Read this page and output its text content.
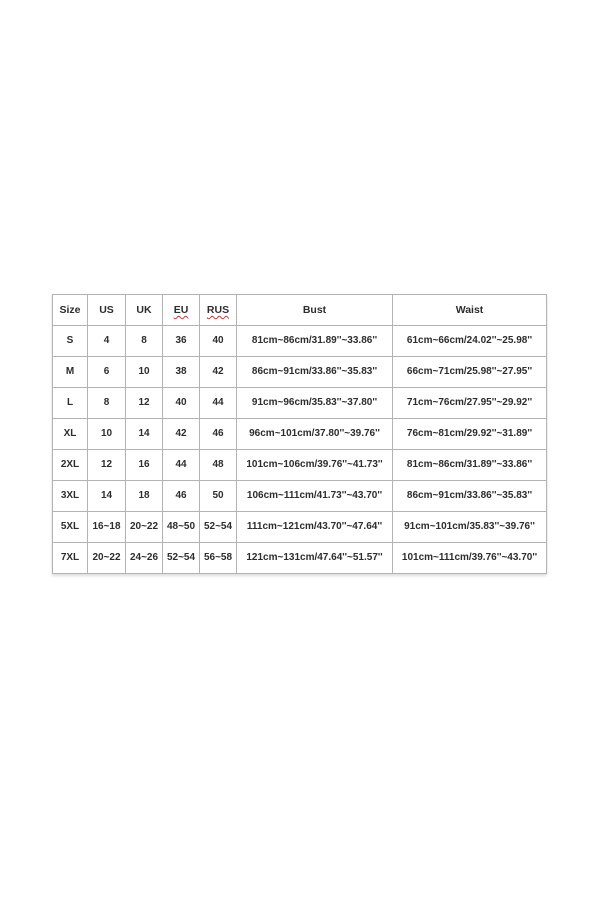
Size	US	UK	EU	RUS	Bust	Waist
S	4	8	36	40	81cm~86cm/31.89''~33.86''	61cm~66cm/24.02''~25.98''
M	6	10	38	42	86cm~91cm/33.86''~35.83''	66cm~71cm/25.98''~27.95''
L	8	12	40	44	91cm~96cm/35.83''~37.80''	71cm~76cm/27.95''~29.92''
XL	10	14	42	46	96cm~101cm/37.80''~39.76''	76cm~81cm/29.92''~31.89''
2XL	12	16	44	48	101cm~106cm/39.76''~41.73''	81cm~86cm/31.89''~33.86''
3XL	14	18	46	50	106cm~111cm/41.73''~43.70''	86cm~91cm/33.86''~35.83''
5XL	16~18	20~22	48~50	52~54	111cm~121cm/43.70''~47.64''	91cm~101cm/35.83''~39.76''
7XL	20~22	24~26	52~54	56~58	121cm~131cm/47.64''~51.57''	101cm~111cm/39.76''~43.70''
